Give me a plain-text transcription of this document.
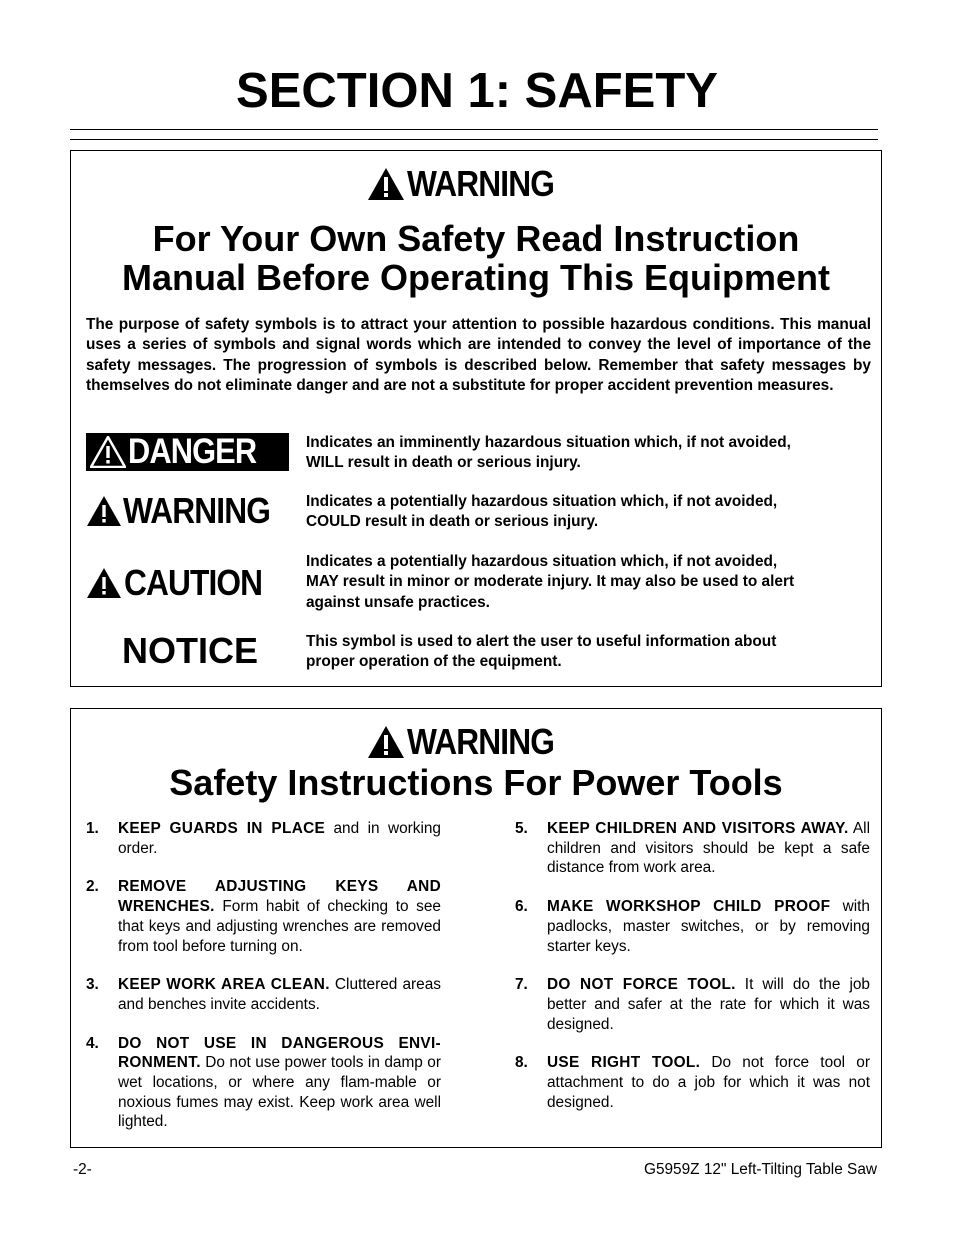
SECTION 1: SAFETY
WARNING
For Your Own Safety Read Instruction
Manual Before Operating This Equipment

The purpose of safety symbols is to attract your attention to possible hazardous conditions. This manual uses a series of symbols and signal words which are intended to convey the level of importance of the safety messages. The progression of symbols is described below. Remember that safety messages by themselves do not eliminate danger and are not a substitute for proper accident prevention measures.

DANGER	Indicates an imminently hazardous situation which, if not avoided,
WILL result in death or serious injury.
WARNING Indicates a potentially hazardous situation which, if not avoided,
COULD result in death or serious injury.
CAUTION
Indicates a potentially hazardous situation which, if not avoided,
MAY result in minor or moderate injury. It may also be used to alert
against unsafe practices.
NOTICE	This symbol is used to alert the user to useful information about
proper operation of the equipment.
WARNING
Safety Instructions For Power Tools
1. KEEP GUARDS IN PLACE and in working order.
2. REMOVE ADJUSTING KEYS AND WRENCHES. Form habit of checking to see that keys and adjusting wrenches are removed from tool before turning on.
3. KEEP WORK AREA CLEAN. Cluttered areas and benches invite accidents.
4. DO NOT USE IN DANGEROUS ENVI-RONMENT. Do not use power tools in damp or wet locations, or where any flam-mable or noxious fumes may exist. Keep work area well lighted.
5. KEEP CHILDREN AND VISITORS AWAY. All children and visitors should be kept a safe distance from work area.
6. MAKE WORKSHOP CHILD PROOF with padlocks, master switches, or by removing starter keys.
7. DO NOT FORCE TOOL. It will do the job better and safer at the rate for which it was designed.
8. USE RIGHT TOOL. Do not force tool or attachment to do a job for which it was not designed.
-2-	G5959Z 12" Left-Tilting Table Saw
